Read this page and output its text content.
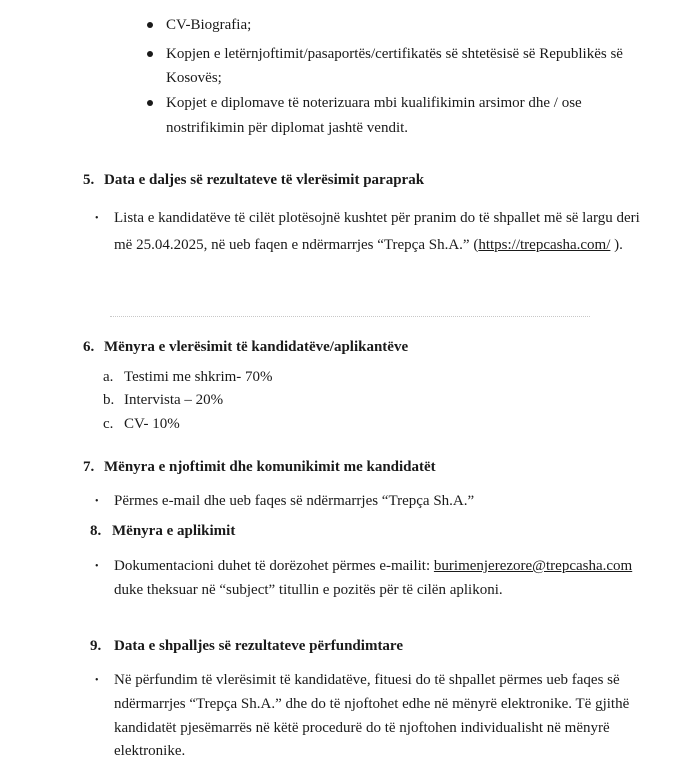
CV-Biografia;
Kopjen e letërnjoftimit/pasaportës/certifikatës së shtetësisë së Republikës së
Kosovës;
Kopjet e diplomave të noterizuara mbi kualifikimin arsimor dhe / ose
nostrifikimin për diplomat jashtë vendit.
5. Data e daljes së rezultateve të vlerësimit paraprak
• Lista e kandidatëve të cilët plotësojnë kushtet për pranim do të shpallet më së largu deri
më 25.04.2025, në ueb faqen e ndërmarrjes “Trepça Sh.A.” (https://trepcasha.com/ ).
6. Mënyra e vlerësimit të kandidatëve/aplikantëve
a. Testimi me shkrim- 70%
b. Intervista – 20%
c. CV- 10%
7. Mënyra e njoftimit dhe komunikimit me kandidatët
• Përmes e-mail dhe ueb faqes së ndërmarrjes “Trepça Sh.A.”
8. Mënyra e aplikimit
• Dokumentacioni duhet të dorëzohet përmes e-mailit: burimenjerezore@trepcasha.com
duke theksuar në “subject” titullin e pozitës për të cilën aplikoni.
9. Data e shpalljes së rezultateve përfundimtare
• Në përfundim të vlerësimit të kandidatëve, fituesi do të shpallet përmes ueb faqes së
ndërmarrjes “Trepça Sh.A.” dhe do të njoftohet edhe në mënyrë elektronike. Të gjithë
kandidatët pjesëmarrës në këtë procedurë do të njoftohen individualisht në mënyrë
elektronike.
